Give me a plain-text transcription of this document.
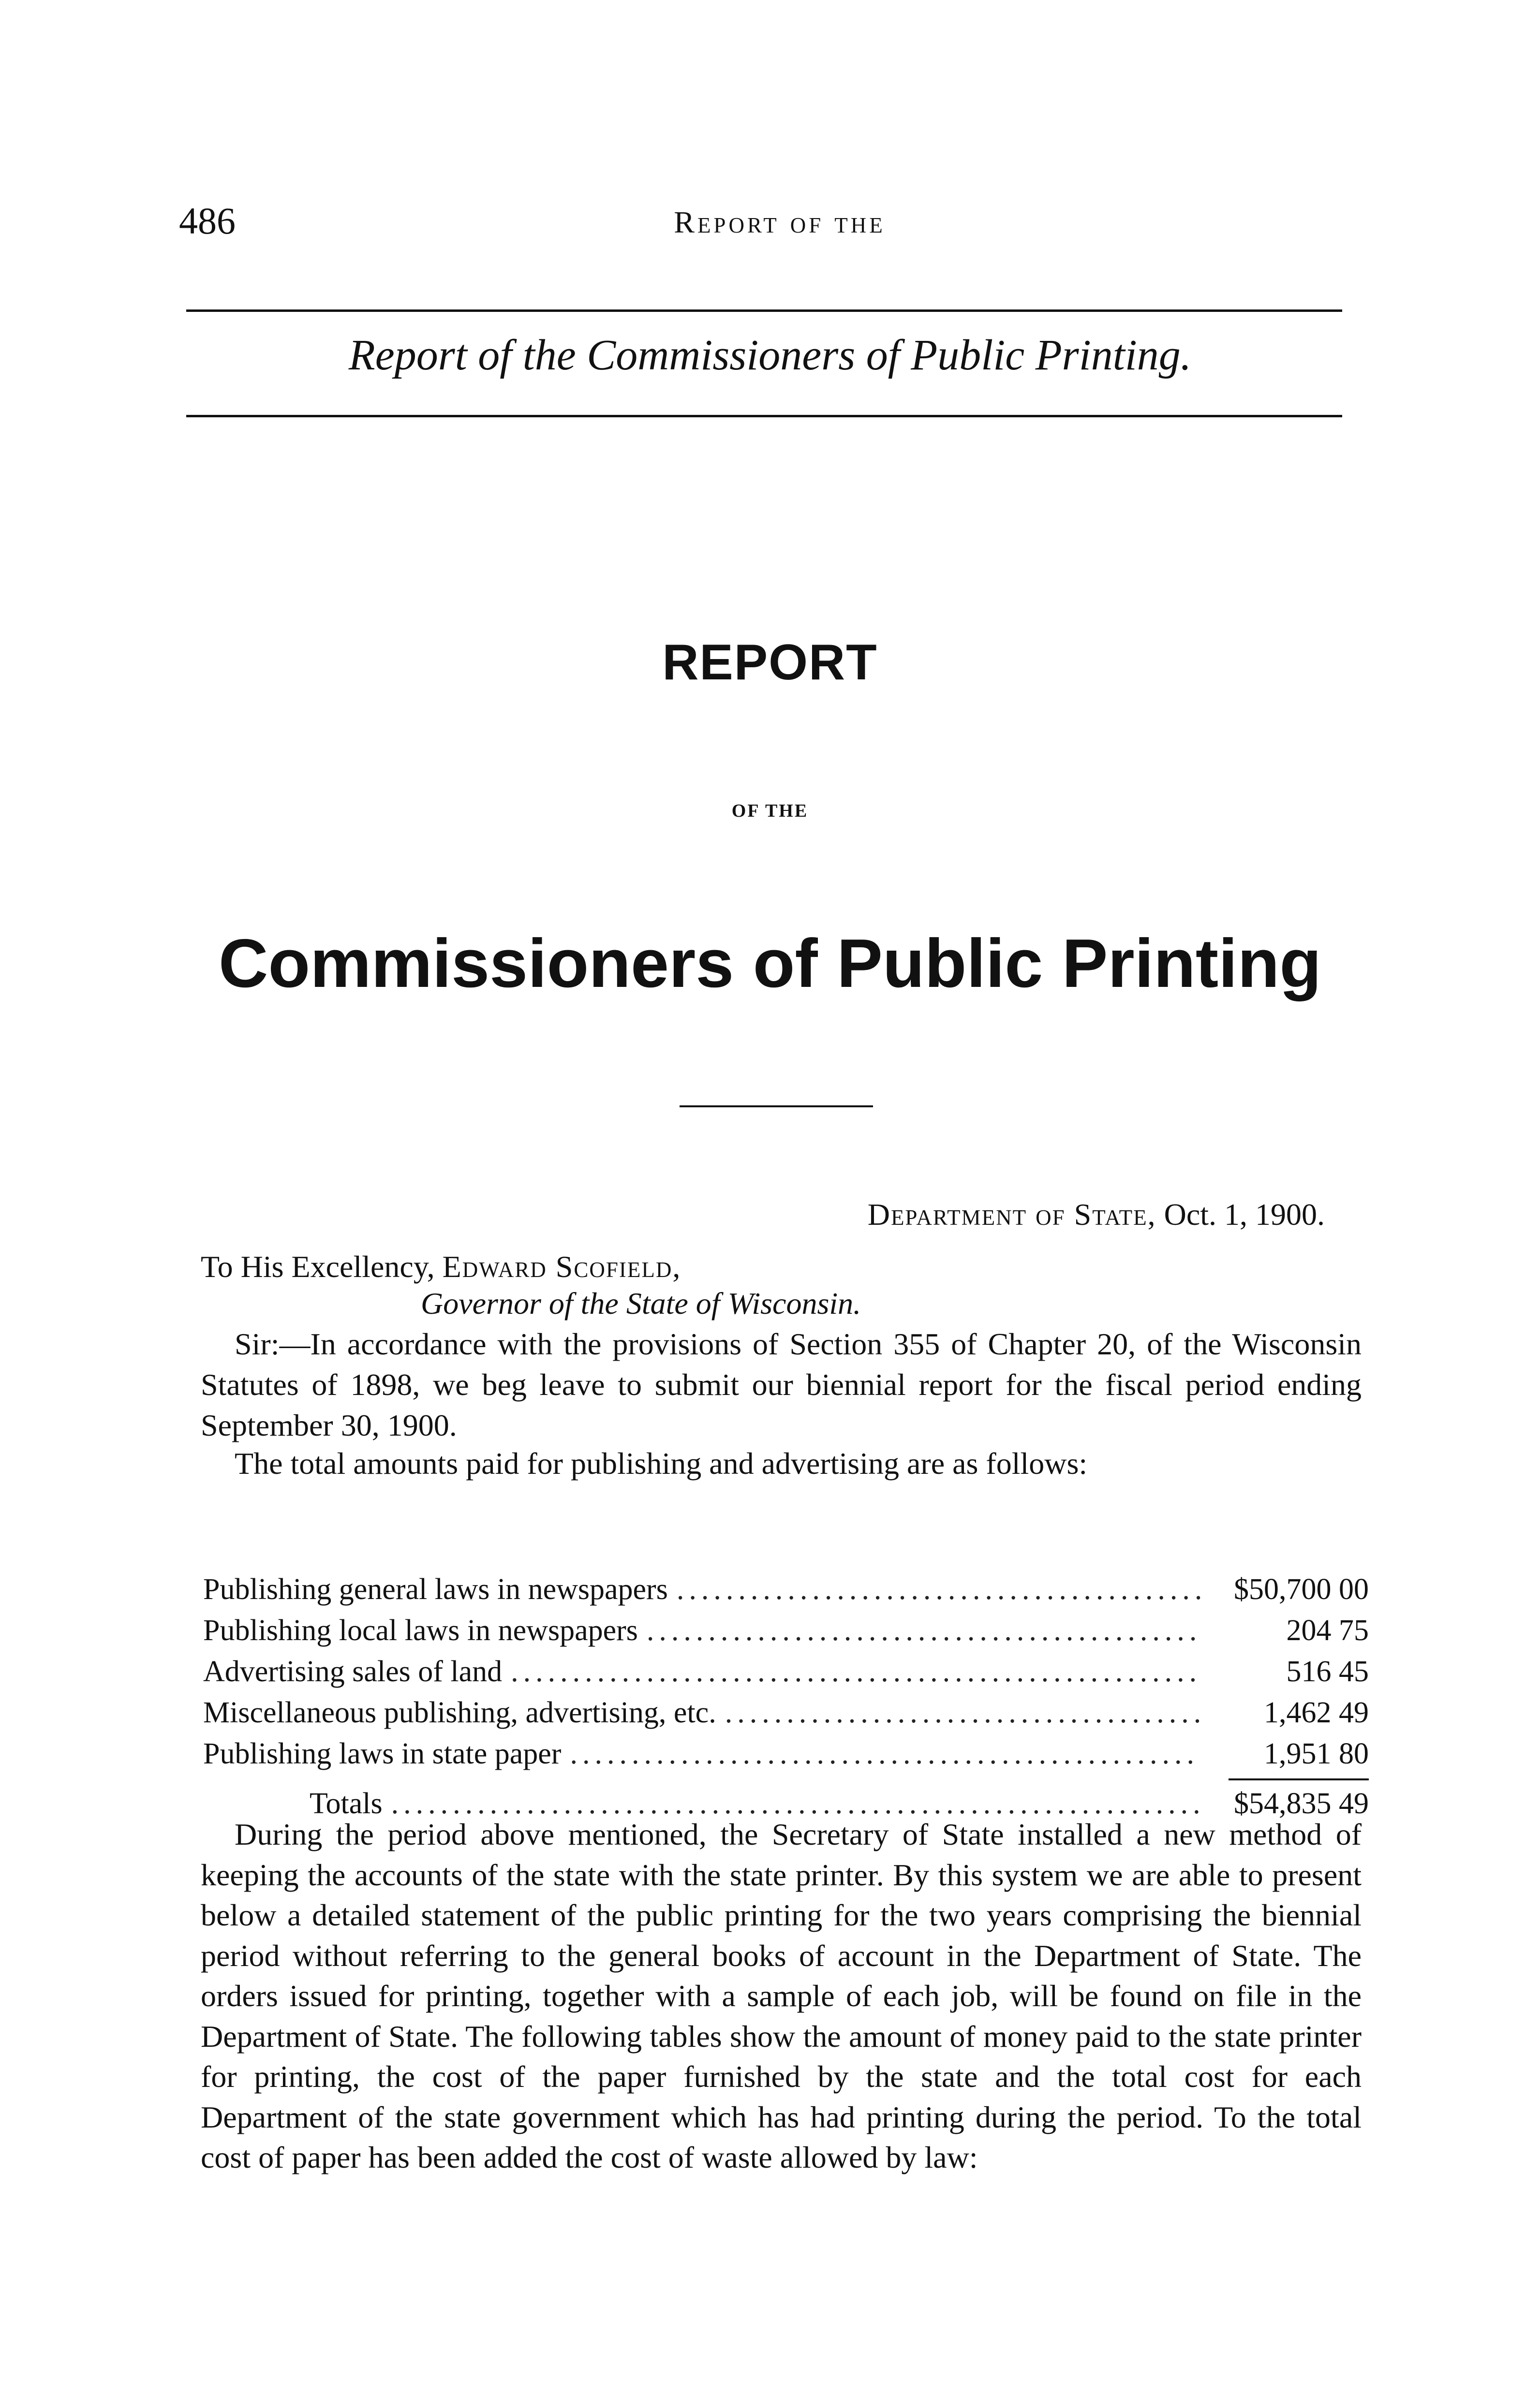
486	Report of the
Report of the Commissioners of Public Printing.
REPORT
OF THE
Commissioners of Public Printing
Department of State, Oct. 1, 1900.
To His Excellency, Edward Scofield,
Governor of the State of Wisconsin.
Sir:—In accordance with the provisions of Section 355 of Chapter 20, of the Wisconsin Statutes of 1898, we beg leave to submit our biennial report for the fiscal period ending September 30, 1900.
The total amounts paid for publishing and advertising are as follows:
Publishing general laws in newspapers .....	$50,700 00
Publishing local laws in newspapers .....	204 75
Advertising sales of land .....	516 45
Miscellaneous publishing, advertising, etc. .....	1,462 49
Publishing laws in state paper .....	1,951 80
Totals .....	$54,835 49
During the period above mentioned, the Secretary of State installed a new method of keeping the accounts of the state with the state printer. By this system we are able to present below a detailed statement of the public printing for the two years comprising the biennial period without referring to the general books of account in the Department of State. The orders issued for printing, together with a sample of each job, will be found on file in the Department of State. The following tables show the amount of money paid to the state printer for printing, the cost of the paper furnished by the state and the total cost for each Department of the state government which has had printing during the period. To the total cost of paper has been added the cost of waste allowed by law:
